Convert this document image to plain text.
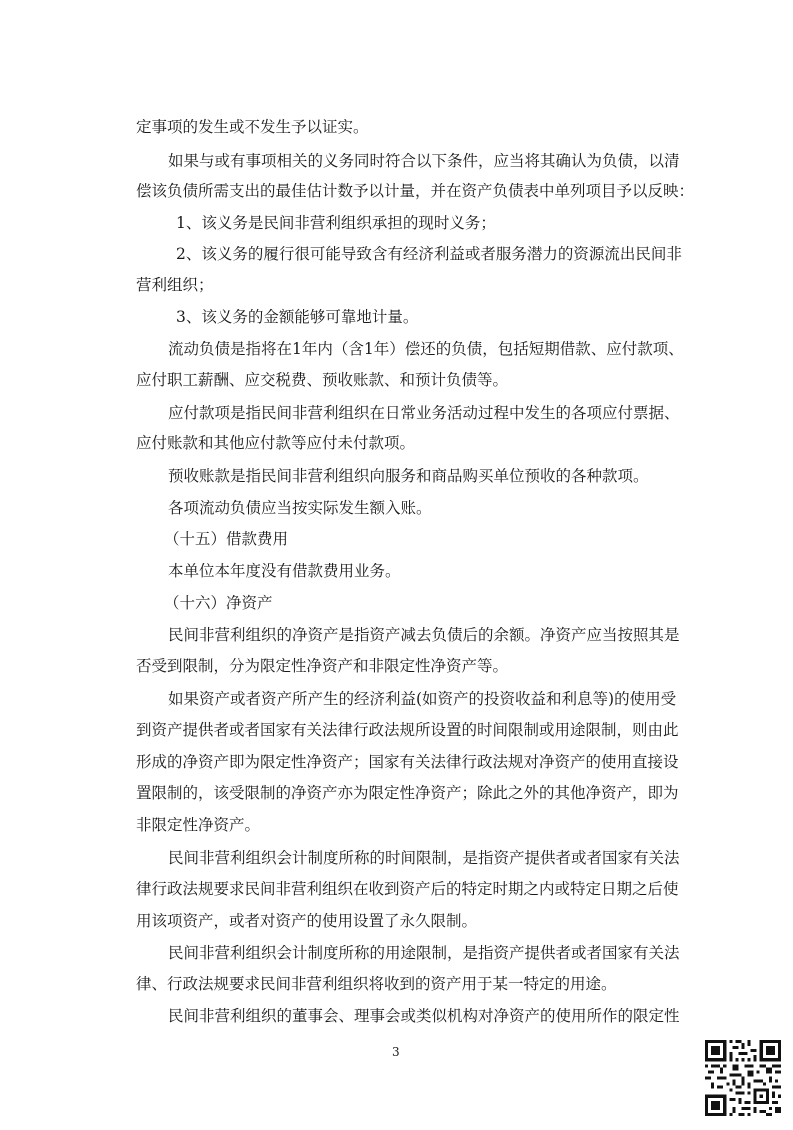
定事项的发生或不发生予以证实。
如果与或有事项相关的义务同时符合以下条件，应当将其确认为负债，以清
偿该负债所需支出的最佳估计数予以计量，并在资产负债表中单列项目予以反映：
1、该义务是民间非营利组织承担的现时义务；
2、该义务的履行很可能导致含有经济利益或者服务潜力的资源流出民间非
营利组织；
3、该义务的金额能够可靠地计量。
流动负债是指将在1年内（含1年）偿还的负债，包括短期借款、应付款项、
应付职工薪酬、应交税费、预收账款、和预计负债等。
应付款项是指民间非营利组织在日常业务活动过程中发生的各项应付票据、
应付账款和其他应付款等应付未付款项。
预收账款是指民间非营利组织向服务和商品购买单位预收的各种款项。
各项流动负债应当按实际发生额入账。
（十五）借款费用
本单位本年度没有借款费用业务。
（十六）净资产
民间非营利组织的净资产是指资产减去负债后的余额。净资产应当按照其是
否受到限制，分为限定性净资产和非限定性净资产等。
如果资产或者资产所产生的经济利益(如资产的投资收益和利息等)的使用受
到资产提供者或者国家有关法律行政法规所设置的时间限制或用途限制，则由此
形成的净资产即为限定性净资产；国家有关法律行政法规对净资产的使用直接设
置限制的，该受限制的净资产亦为限定性净资产；除此之外的其他净资产，即为
非限定性净资产。
民间非营利组织会计制度所称的时间限制，是指资产提供者或者国家有关法
律行政法规要求民间非营利组织在收到资产后的特定时期之内或特定日期之后使
用该项资产，或者对资产的使用设置了永久限制。
民间非营利组织会计制度所称的用途限制，是指资产提供者或者国家有关法
律、行政法规要求民间非营利组织将收到的资产用于某一特定的用途。
民间非营利组织的董事会、理事会或类似机构对净资产的使用所作的限定性
3
